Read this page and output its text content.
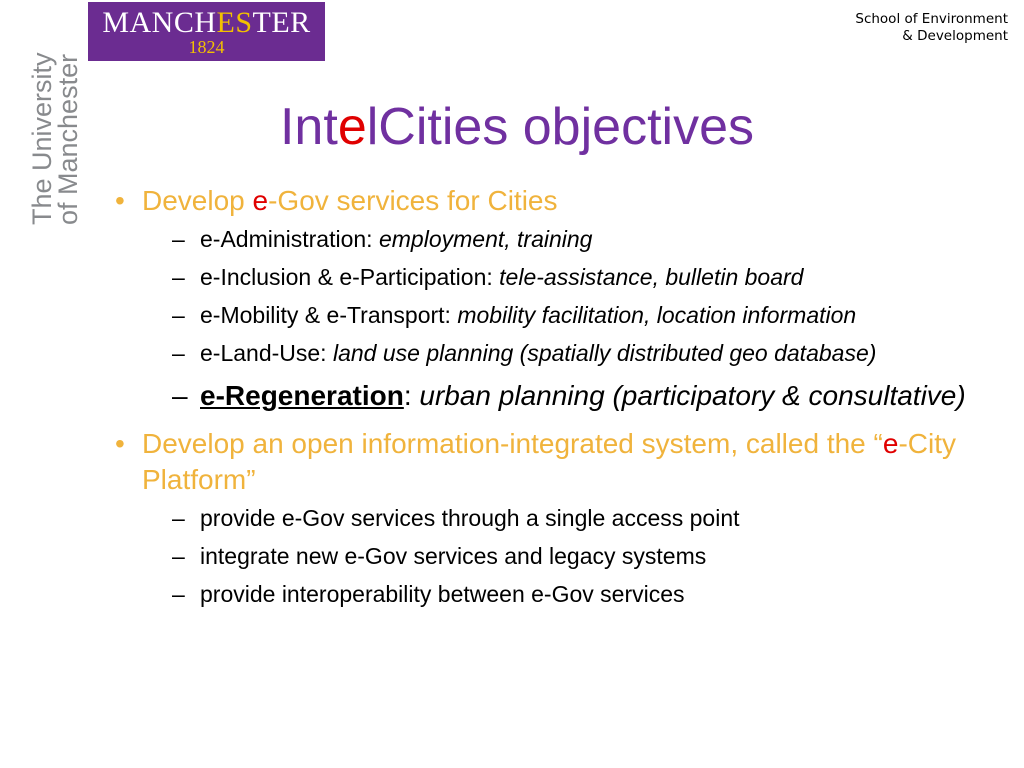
MANCHESTER
1824
School of Environment
& Development
The University
of Manchester	IntelCities objectives
• Develop e-Gov services for Cities
– e-Administration: employment, training
– e-Inclusion & e-Participation: tele-assistance, bulletin board
– e-Mobility & e-Transport: mobility facilitation, location information
– e-Land-Use: land use planning (spatially distributed geo database)
– e-Regeneration: urban planning (participatory & consultative)
• Develop an open information-integrated system, called the “e-City Platform”
– provide e-Gov services through a single access point
– integrate new e-Gov services and legacy systems
– provide interoperability between e-Gov services
